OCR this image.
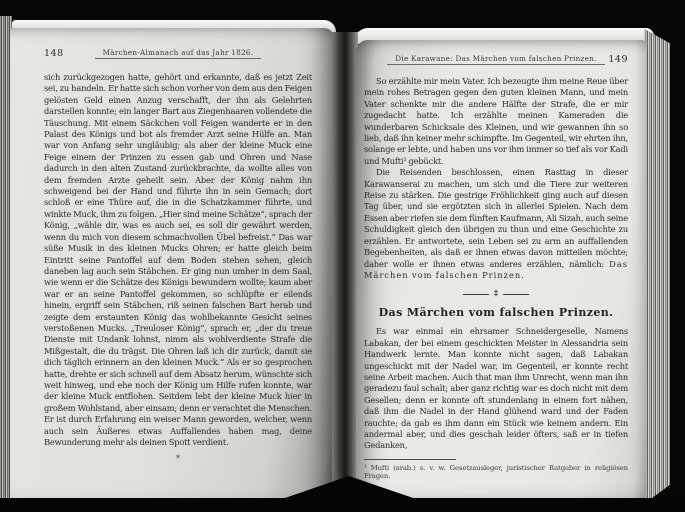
148	Märchen-Almanach auf das Jahr 1826.
sich zurückgezogen hatte, gehört und erkannte, daß es jetzt Zeit sei, zu handeln. Er hatte sich schon vorher von dem aus den Feigen gelösten Geld einen Anzug verschafft, der ihn als Gelehrten darstellen konnte; ein langer Bart aus Ziegenhaaren vollendete die Täuschung. Mit einem Säckchen voll Feigen wanderte er in den Palast des Königs und bot als fremder Arzt seine Hülfe an. Man war von Anfang sehr ungläubig; als aber der kleine Muck eine Feige einem der Prinzen zu essen gab und Ohren und Nase dadurch in den alten Zustand zurückbrachte, da wollte alles von dem fremden Arzte geheilt sein. Aber der König nahm ihn schweigend bei der Hand und führte ihn in sein Gemach; dort schloß er eine Thüre auf, die in die Schatzkammer führte, und winkte Muck, ihm zu folgen. „Hier sind meine Schätze“, sprach der König, „wähle dir, was es auch sei, es soll dir gewährt werden, wenn du mich von diesem schmachvollen Übel befreist.“ Das war süße Musik in des kleinen Mucks Ohren; er hatte gleich beim Eintritt seine Pantoffel auf dem Boden stehen sehen, gleich daneben lag auch sein Stäbchen. Er ging nun umher in dem Saal, wie wenn er die Schätze des Königs bewundern wollte; kaum aber war er an seine Pantoffel gekommen, so schlüpfte er eilends hinein, ergriff sein Stäbchen, riß seinen falschen Bart herab und zeigte dem erstaunten König das wohlbekannte Gesicht seines verstoßenen Mucks. „Treuloser König“, sprach er, „der du treue Dienste mit Undank lohnst, nimm als wohlverdiente Strafe die Mißgestalt, die du trägst. Die Ohren laß ich dir zurück, damit sie dich täglich erinnern an den kleinen Muck.“ Als er so gesprochen hatte, drehte er sich schnell auf dem Absatz herum, wünschte sich weit hinweg, und ehe noch der König um Hilfe rufen konnte, war der kleine Muck entflohen. Seitdem lebt der kleine Muck hier in großem Wohlstand, aber einsam; denn er verachtet die Menschen. Er ist durch Erfahrung ein weiser Mann geworden, welcher, wenn auch sein Äußeres etwas Auffallendes haben mag, deine Bewunderung mehr als deinen Spott verdient.
*
Die Karawane: Das Märchen vom falschen Prinzen.	149

So erzählte mir mein Vater. Ich bezeugte ihm meine Reue über mein rohes Betragen gegen den guten kleinen Mann, und mein Vater schenkte mir die andere Hälfte der Strafe, die er mir zugedacht hatte. Ich erzählte meinen Kameraden die wunderbaren Schicksale des Kleinen, und wir gewannen ihn so lieb, daß ihn keiner mehr schimpfte. Im Gegenteil, wir ehrten ihn, solange er lebte, und haben uns vor ihm immer so tief als vor Kadi und Mufti¹ gebückt.

Die Reisenden beschlossen, einen Rasttag in dieser Karawanserai zu machen, um sich und die Tiere zur weiteren Reise zu stärken. Die gestrige Fröhlichkeit ging auch auf diesen Tag über, und sie ergötzten sich in allerlei Spielen. Nach dem Essen aber riefen sie dem fünften Kaufmann, Ali Sizah, auch seine Schuldigkeit gleich den übrigen zu thun und eine Geschichte zu erzählen. Er antwortete, sein Leben sei zu arm an auffallenden Begebenheiten, als daß er ihnen etwas davon mitteilen möchte; daher wolle er ihnen etwas anderes erzählen, nämlich: Das Märchen vom falschen Prinzen.

‡
Das Märchen vom falschen Prinzen.

Es war einmal ein ehrsamer Schneidergeselle, Namens Labakan, der bei einem geschickten Meister in Alessandria sein Handwerk lernte. Man konnte nicht sagen, daß Labakan ungeschickt mit der Nadel war, im Gegenteil, er konnte recht seine Arbeit machen. Auch that man ihm Unrecht, wenn man ihn geradezu faul schalt; aber ganz richtig war es doch nicht mit dem Gesellen; denn er konnte oft stundenlang in einem fort nähen, daß ihm die Nadel in der Hand glühend ward und der Faden rauchte; da gab es ihm dann ein Stück wie keinem andern. Ein andermal aber, und dies geschah leider öfters, saß er in tiefen Gedanken,

¹ Mufti (arab.) s. v. w. Gesetzausleger, juristischer Ratgeber in religiösen Fragen.
